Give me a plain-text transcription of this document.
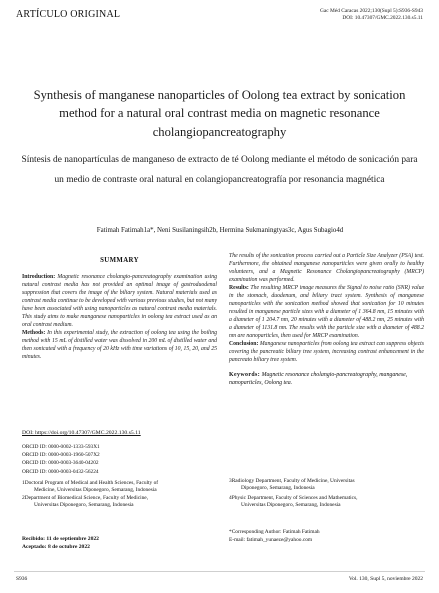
ARTÍCULO ORIGINAL	Gac Méd Caracas 2022;130(Supl 5):S936-S943
DOI: 10.47307/GMC.2022.130.s5.11
Synthesis of manganese nanoparticles of Oolong tea extract by sonication method for a natural oral contrast media on magnetic resonance cholangiopancreatography
Síntesis de nanopartículas de manganeso de extracto de té Oolong mediante el método de sonicación para un medio de contraste oral natural en colangiopancreatografía por resonancia magnética
Fatimah Fatimah1a*, Neni Susilaningsih2b, Hermina Sukmaningtyas3c, Agus Subagio4d
SUMMARY

Introduction: Magnetic resonance cholangio-pancreatography examination using natural contrast media has not provided an optimal image of gastroduodenal suppression that covers the image of the biliary system. Natural materials used as contrast media continue to be developed with various previous studies, but not many have been associated with using nanoparticles as natural contrast media materials. This study aims to make manganese nanoparticles in oolong tea extract used as an oral contrast medium.

Methods: In this experimental study, the extraction of oolong tea using the boiling method with 15 mL of distilled water was dissolved in 200 mL of distilled water and then sonicated with a frequency of 20 kHz with time variations of 10, 15, 20, and 25 minutes.

The results of the sonication process carried out a Particle Size Analyzer (PSA) test. Furthermore, the obtained manganese nanoparticles were given orally to healthy volunteers, and a Magnetic Resonance Cholangiopancreatography (MRCP) examination was performed.

Results: The resulting MRCP image measures the Signal to noise ratio (SNR) value in the stomach, duodenum, and biliary tract system. Synthesis of manganese nanoparticles with the sonication method showed that sonication for 10 minutes resulted in manganese particle sizes with a diameter of 1 364.8 nm, 15 minutes with a diameter of 1 204.7 nm, 20 minutes with a diameter of 488.2 nm, 25 minutes with a diameter of 1131.8 nm. The results with the particle size with a diameter of 488.2 nm are nanoparticles, then used for MRCP examination.

Conclusion: Manganese nanoparticles from oolong tea extract can suppress objects covering the pancreatic biliary tree system, increasing contrast enhancement in the pancreato biliary tree system.

Keywords: Magnetic resonance cholangio-pancreatography, manganese, nanoparticles, Oolong tea.
DOI: https://doi.org/10.47307/GMC.2022.130.s5.11
ORCID ID: 0000-0002-1333-593X1
ORCID ID: 0000-0003-1960-507X2
ORCID ID: 0000-0003-3640-04202
ORCID ID: 0000-0003-0432-56224

1Doctoral Program of Medical and Health Sciences, Faculty of
Medicine, Universitas Diponegoro, Semarang, Indonesia

2Department of Biomedical Science, Faculty of Medicine,
Universitas Diponegoro, Semarang, Indonesia

3Radiology Department, Faculty of Medicine, Universitas
Diponegoro, Semarang, Indonesia

4Physic Department, Faculty of Sciences and Mathematics,
Universitas Diponegoro, Semarang, Indonesia

Recibido: 11 de septiembre 2022
Aceptado: 8 de octubre 2022
*Corresponding Author: Fatimah Fatimah
E-mail: fatimah_yunaeze@yahoo.com
S936	Vol. 130, Supl 5, noviembre 2022
